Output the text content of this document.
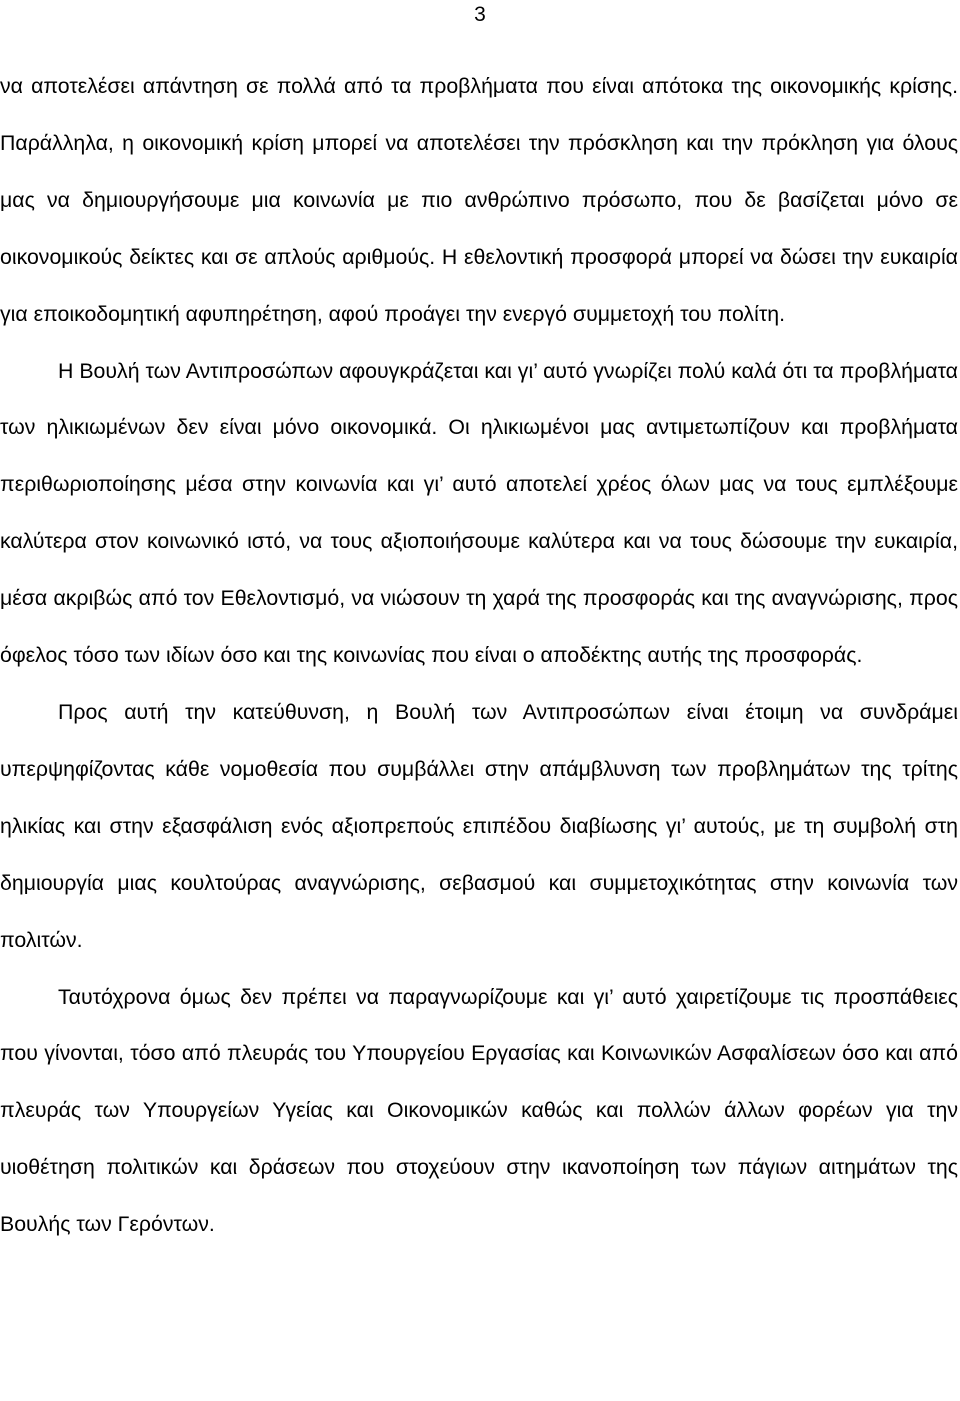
3

να αποτελέσει απάντηση σε πολλά από τα προβλήματα που είναι απότοκα της οικονομικής κρίσης. Παράλληλα, η οικονομική κρίση μπορεί να αποτελέσει την πρόσκληση και την πρόκληση για όλους μας να δημιουργήσουμε μια κοινωνία με πιο ανθρώπινο πρόσωπο, που δε βασίζεται μόνο σε οικονομικούς δείκτες και σε απλούς αριθμούς. Η εθελοντική προσφορά μπορεί να δώσει την ευκαιρία για εποικοδομητική αφυπηρέτηση, αφού προάγει την ενεργό συμμετοχή του πολίτη.

Η Βουλή των Αντιπροσώπων αφουγκράζεται και γι’ αυτό γνωρίζει πολύ καλά ότι τα προβλήματα των ηλικιωμένων δεν είναι μόνο οικονομικά. Οι ηλικιωμένοι μας αντιμετωπίζουν και προβλήματα περιθωριοποίησης μέσα στην κοινωνία και γι’ αυτό αποτελεί χρέος όλων μας να τους εμπλέξουμε καλύτερα στον κοινωνικό ιστό, να τους αξιοποιήσουμε καλύτερα και να τους δώσουμε την ευκαιρία, μέσα ακριβώς από τον Εθελοντισμό, να νιώσουν τη χαρά της προσφοράς και της αναγνώρισης, προς όφελος τόσο των ιδίων όσο και της κοινωνίας που είναι ο αποδέκτης αυτής της προσφοράς.

Προς αυτή την κατεύθυνση, η Βουλή των Αντιπροσώπων είναι έτοιμη να συνδράμει υπερψηφίζοντας κάθε νομοθεσία που συμβάλλει στην απάμβλυνση των προβλημάτων της τρίτης ηλικίας και στην εξασφάλιση ενός αξιοπρεπούς επιπέδου διαβίωσης γι’ αυτούς, με τη συμβολή στη δημιουργία μιας κουλτούρας αναγνώρισης, σεβασμού και συμμετοχικότητας στην κοινωνία των πολιτών.

Ταυτόχρονα όμως δεν πρέπει να παραγνωρίζουμε και γι’ αυτό χαιρετίζουμε τις προσπάθειες που γίνονται, τόσο από πλευράς του Υπουργείου Εργασίας και Κοινωνικών Ασφαλίσεων όσο και από πλευράς των Υπουργείων Υγείας και Οικονομικών καθώς και πολλών άλλων φορέων για την υιοθέτηση πολιτικών και δράσεων που στοχεύουν στην ικανοποίηση των πάγιων αιτημάτων της Βουλής των Γερόντων.
